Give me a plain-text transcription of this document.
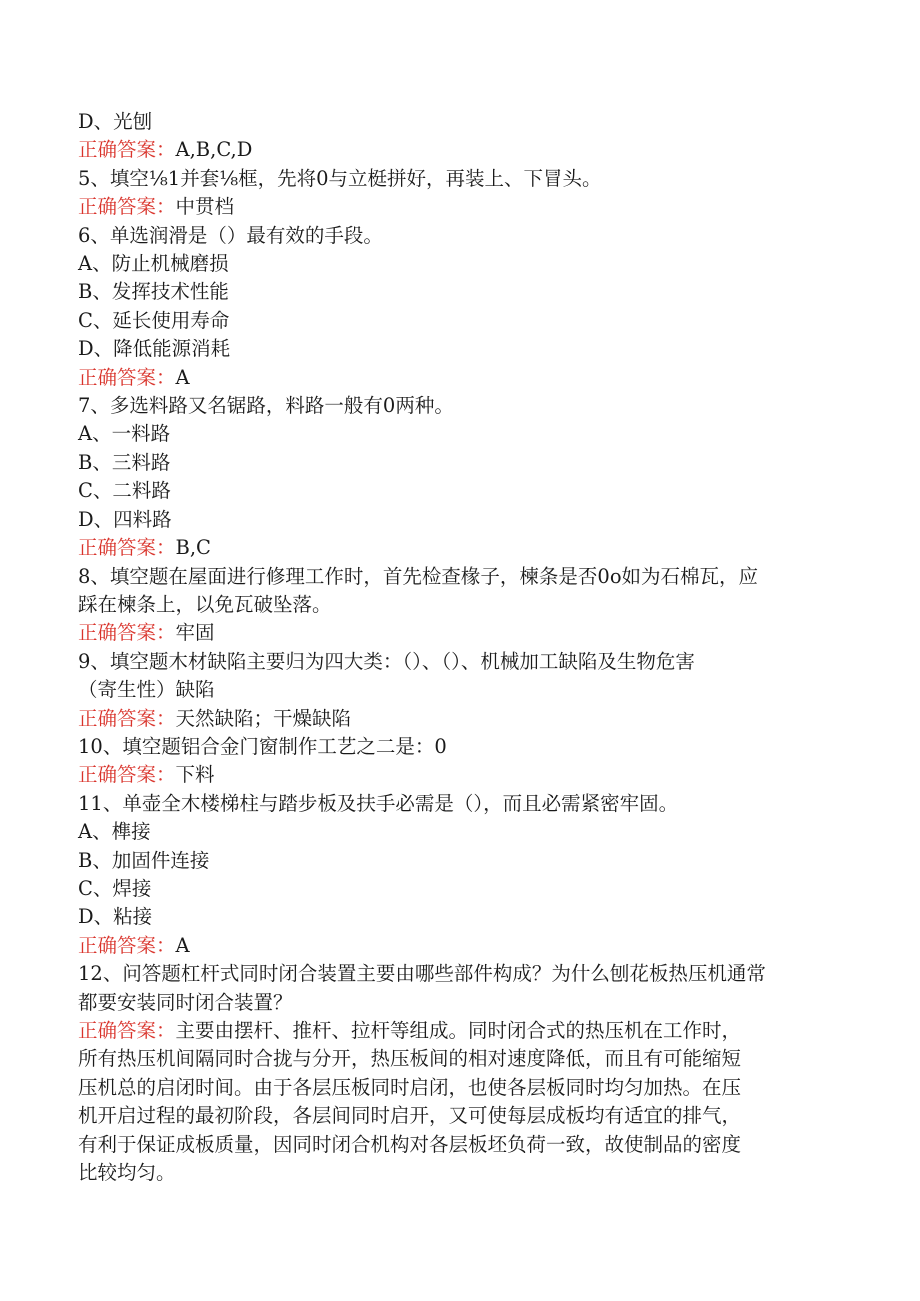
D、光刨
正确答案：A,B,C,D
5、填空⅛1并套⅛框，先将0与立梃拼好，再装上、下冒头。
正确答案：中贯档
6、单选润滑是（）最有效的手段。
A、防止机械磨损
B、发挥技术性能
C、延长使用寿命
D、降低能源消耗
正确答案：A
7、多选料路又名锯路，料路一般有0两种。
A、一料路
B、三料路
C、二料路
D、四料路
正确答案：B,C
8、填空题在屋面进行修理工作时，首先检查椽子，楝条是否0o如为石棉瓦，应
踩在楝条上，以免瓦破坠落。
正确答案：牢固
9、填空题木材缺陷主要归为四大类：（）、（）、机械加工缺陷及生物危害
（寄生性）缺陷
正确答案：天然缺陷；干燥缺陷
10、填空题铝合金门窗制作工艺之二是：0
正确答案：下料
11、单壶全木楼梯柱与踏步板及扶手必需是（），而且必需紧密牢固。
A、榫接
B、加固件连接
C、焊接
D、粘接
正确答案：A
12、问答题杠杆式同时闭合装置主要由哪些部件构成？为什么刨花板热压机通常
都要安装同时闭合装置？
正确答案：主要由摆杆、推杆、拉杆等组成。同时闭合式的热压机在工作时，
所有热压机间隔同时合拢与分开，热压板间的相对速度降低，而且有可能缩短
压机总的启闭时间。由于各层压板同时启闭，也使各层板同时均匀加热。在压
机开启过程的最初阶段，各层间同时启开，又可使每层成板均有适宜的排气，
有利于保证成板质量，因同时闭合机构对各层板坯负荷一致，故使制品的密度
比较均匀。
